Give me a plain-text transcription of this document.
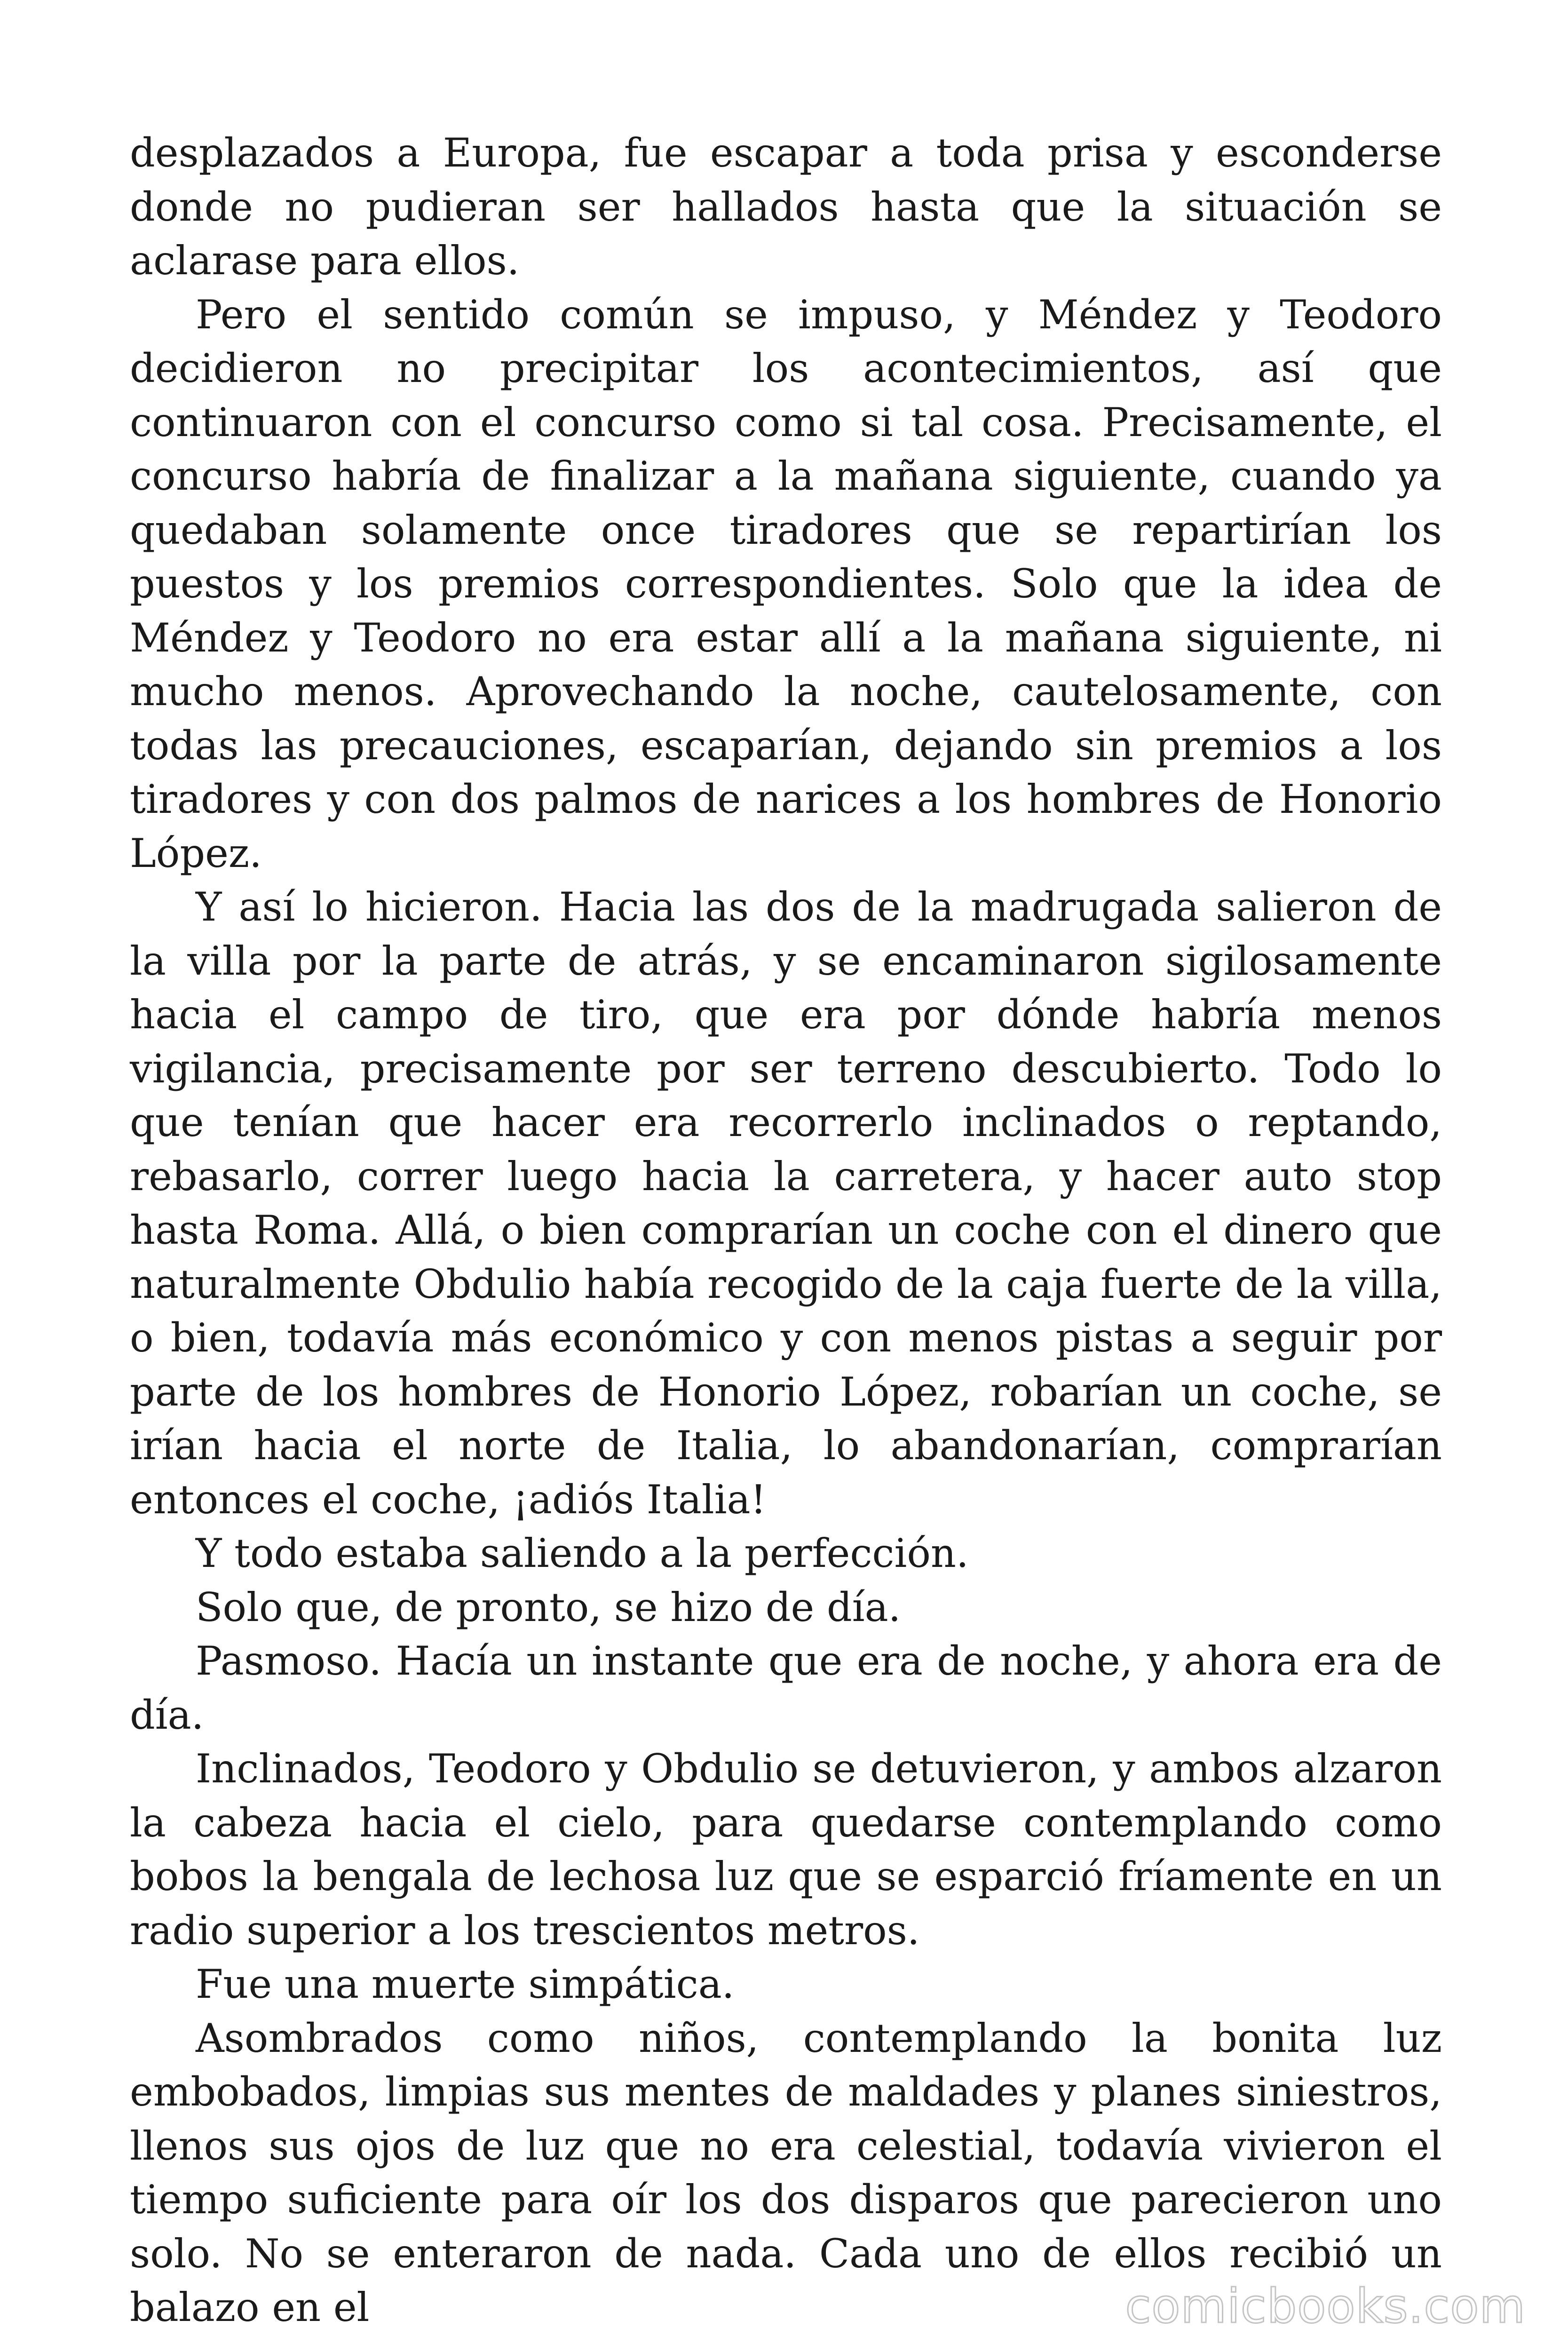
desplazados a Europa, fue escapar a toda prisa y esconderse donde no pudieran ser hallados hasta que la situación se aclarase para ellos.

Pero el sentido común se impuso, y Méndez y Teodoro decidieron no precipitar los acontecimientos, así que continuaron con el concurso como si tal cosa. Precisamente, el concurso habría de finalizar a la mañana siguiente, cuando ya quedaban solamente once tiradores que se repartirían los puestos y los premios correspondientes. Solo que la idea de Méndez y Teodoro no era estar allí a la mañana siguiente, ni mucho menos. Aprovechando la noche, cautelosamente, con todas las precauciones, escaparían, dejando sin premios a los tiradores y con dos palmos de narices a los hombres de Honorio López.

Y así lo hicieron. Hacia las dos de la madrugada salieron de la villa por la parte de atrás, y se encaminaron sigilosamente hacia el campo de tiro, que era por dónde habría menos vigilancia, precisamente por ser terreno descubierto. Todo lo que tenían que hacer era recorrerlo inclinados o reptando, rebasarlo, correr luego hacia la carretera, y hacer auto stop hasta Roma. Allá, o bien comprarían un coche con el dinero que naturalmente Obdulio había recogido de la caja fuerte de la villa, o bien, todavía más económico y con menos pistas a seguir por parte de los hombres de Honorio López, robarían un coche, se irían hacia el norte de Italia, lo abandonarían, comprarían entonces el coche, ¡adiós Italia!

Y todo estaba saliendo a la perfección.

Solo que, de pronto, se hizo de día.

Pasmoso. Hacía un instante que era de noche, y ahora era de día.

Inclinados, Teodoro y Obdulio se detuvieron, y ambos alzaron la cabeza hacia el cielo, para quedarse contemplando como bobos la bengala de lechosa luz que se esparció fríamente en un radio superior a los trescientos metros.

Fue una muerte simpática.

Asombrados como niños, contemplando la bonita luz embobados, limpias sus mentes de maldades y planes siniestros, llenos sus ojos de luz que no era celestial, todavía vivieron el tiempo suficiente para oír los dos disparos que parecieron uno solo. No se enteraron de nada. Cada uno de ellos recibió un balazo en el	comicbooks.com
